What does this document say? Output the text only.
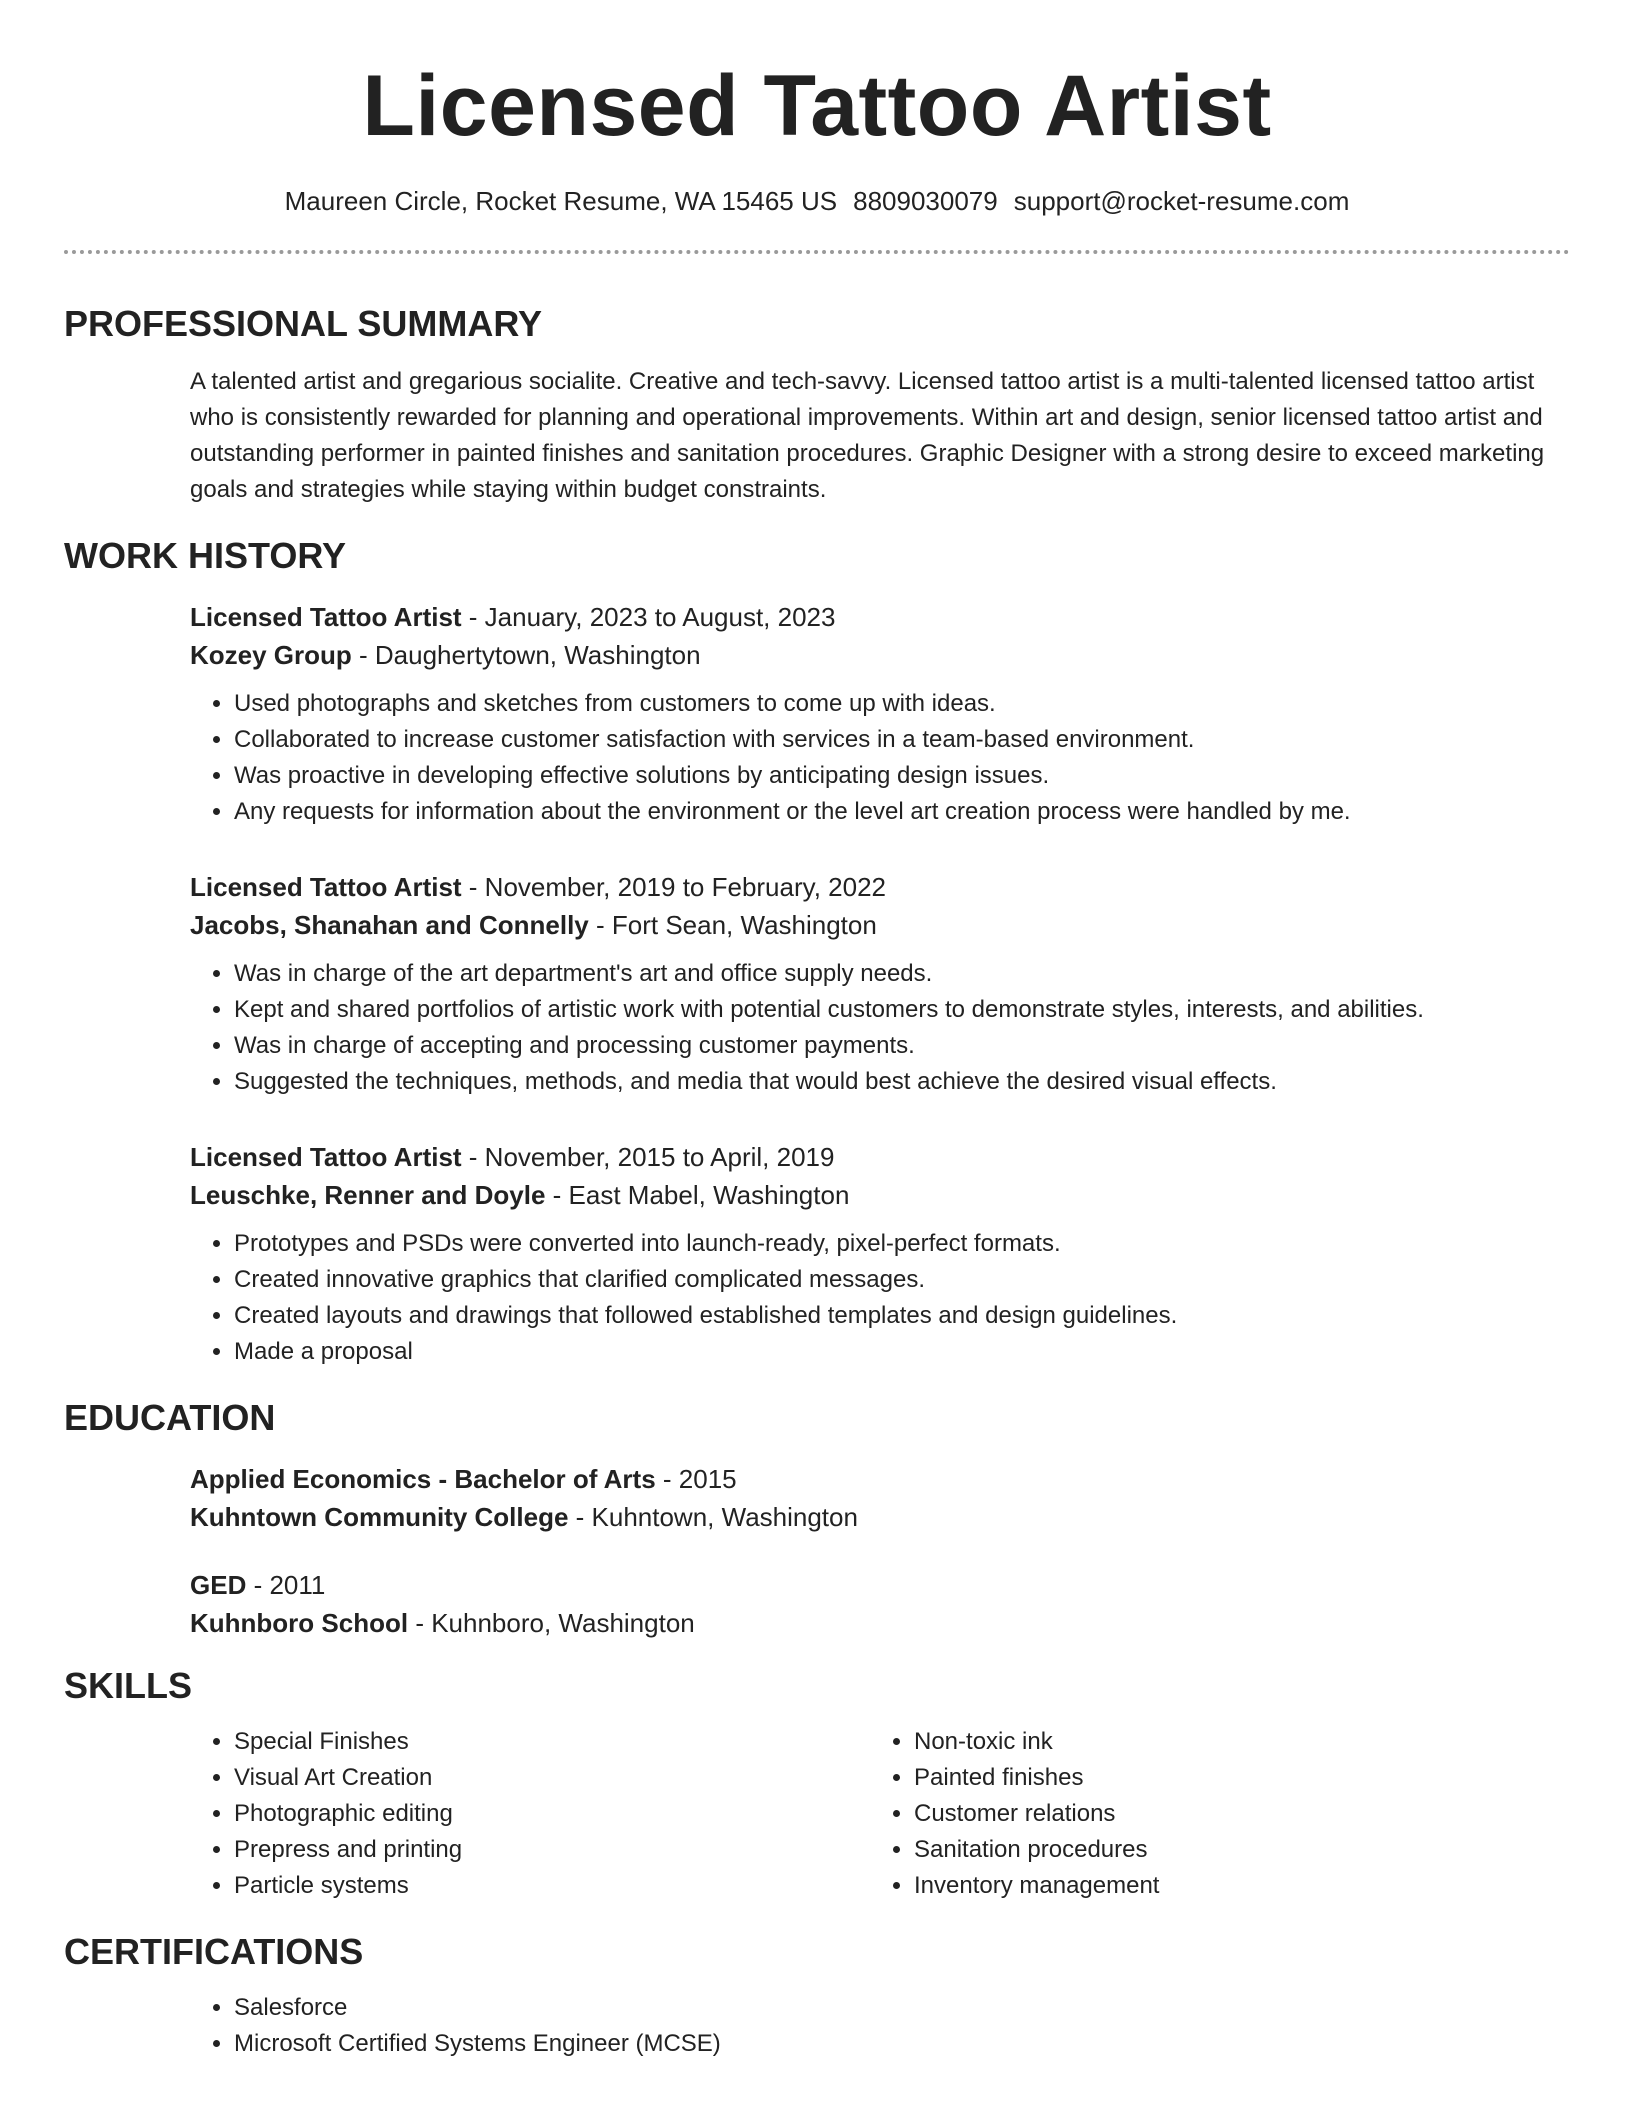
Licensed Tattoo Artist
Maureen Circle, Rocket Resume, WA 15465 US 8809030079 support@rocket-resume.com
PROFESSIONAL SUMMARY
A talented artist and gregarious socialite. Creative and tech-savvy. Licensed tattoo artist is a multi-talented licensed tattoo artist who is consistently rewarded for planning and operational improvements. Within art and design, senior licensed tattoo artist and outstanding performer in painted finishes and sanitation procedures. Graphic Designer with a strong desire to exceed marketing goals and strategies while staying within budget constraints.
WORK HISTORY
Licensed Tattoo Artist - January, 2023 to August, 2023
Kozey Group - Daughertytown, Washington
• Used photographs and sketches from customers to come up with ideas.
• Collaborated to increase customer satisfaction with services in a team-based environment.
• Was proactive in developing effective solutions by anticipating design issues.
• Any requests for information about the environment or the level art creation process were handled by me.
Licensed Tattoo Artist - November, 2019 to February, 2022
Jacobs, Shanahan and Connelly - Fort Sean, Washington
• Was in charge of the art department's art and office supply needs.
• Kept and shared portfolios of artistic work with potential customers to demonstrate styles, interests, and abilities.
• Was in charge of accepting and processing customer payments.
• Suggested the techniques, methods, and media that would best achieve the desired visual effects.
Licensed Tattoo Artist - November, 2015 to April, 2019
Leuschke, Renner and Doyle - East Mabel, Washington
• Prototypes and PSDs were converted into launch-ready, pixel-perfect formats.
• Created innovative graphics that clarified complicated messages.
• Created layouts and drawings that followed established templates and design guidelines.
• Made a proposal
EDUCATION
Applied Economics - Bachelor of Arts - 2015
Kuhntown Community College - Kuhntown, Washington
GED - 2011
Kuhnboro School - Kuhnboro, Washington
SKILLS
• Special Finishes
• Visual Art Creation
• Photographic editing
• Prepress and printing
• Particle systems
• Non-toxic ink
• Painted finishes
• Customer relations
• Sanitation procedures
• Inventory management
CERTIFICATIONS
• Salesforce
• Microsoft Certified Systems Engineer (MCSE)
